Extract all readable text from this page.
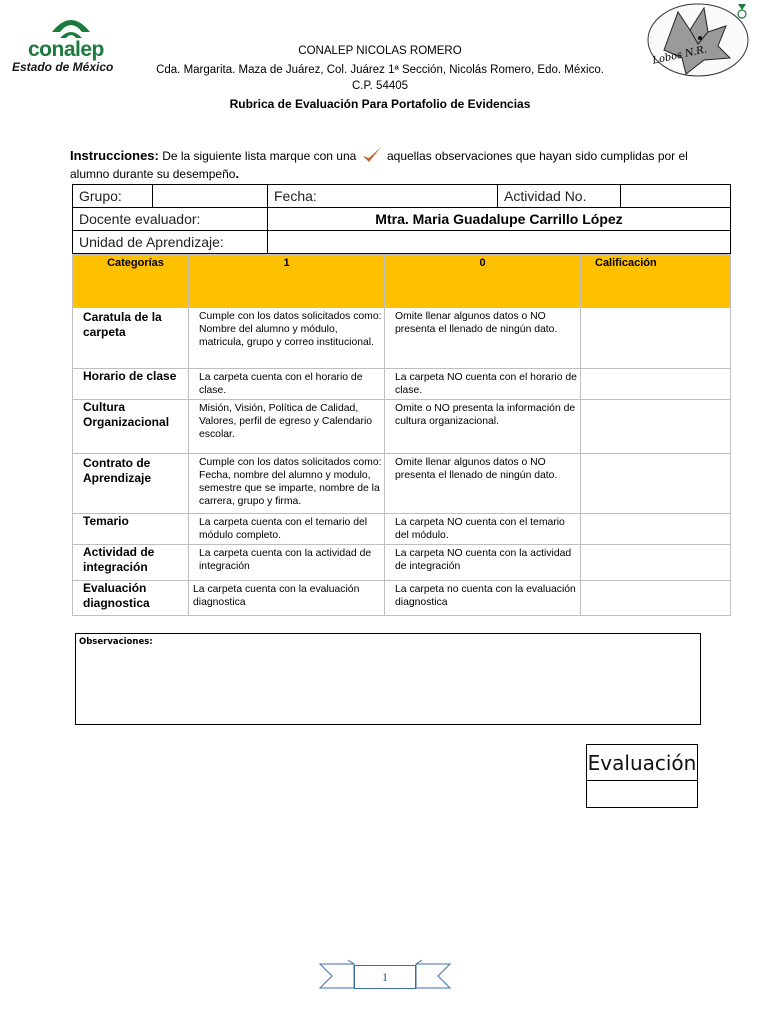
conalep
Estado de México
Lobos N.R.
CONALEP NICOLAS ROMERO
Cda. Margarita. Maza de Juárez, Col. Juárez 1ª Sección, Nicolás Romero, Edo. México.
C.P. 54405
Rubrica de Evaluación Para Portafolio de Evidencias
Instrucciones: De la siguiente lista marque con una  aquellas observaciones que hayan sido cumplidas por el alumno durante su desempeño.
Grupo:		Fecha:	Actividad No.	
Docente evaluador:		Mtra. Maria Guadalupe Carrillo López		
Unidad de Aprendizaje:				
Categorías	1	0	Calificación
Caratula de la carpeta	Cumple con los datos solicitados como: Nombre del alumno y módulo, matricula, grupo y correo institucional.	Omite llenar algunos datos o NO presenta el llenado de ningún dato.	
Horario de clase	La carpeta cuenta con el horario de clase.	La carpeta NO cuenta con el horario de clase.	
Cultura Organizacional	Misión, Visión, Política de Calidad, Valores, perfil de egreso y Calendario escolar.	Omite o NO presenta la información de cultura organizacional.	
Contrato de Aprendizaje	Cumple con los datos solicitados como: Fecha, nombre del alumno y modulo, semestre que se imparte, nombre de la carrera, grupo y firma.	Omite llenar algunos datos o NO presenta el llenado de ningún dato.	
Temario	La carpeta cuenta con el temario del módulo completo.	La carpeta NO cuenta con el temario del módulo.	
Actividad de integración	La carpeta cuenta con la actividad de integración	La carpeta NO cuenta con la actividad de integración	
Evaluación diagnostica	La carpeta cuenta con la evaluación diagnostica	La carpeta no cuenta con la evaluación diagnostica	
Observaciones:
Evaluación
1
